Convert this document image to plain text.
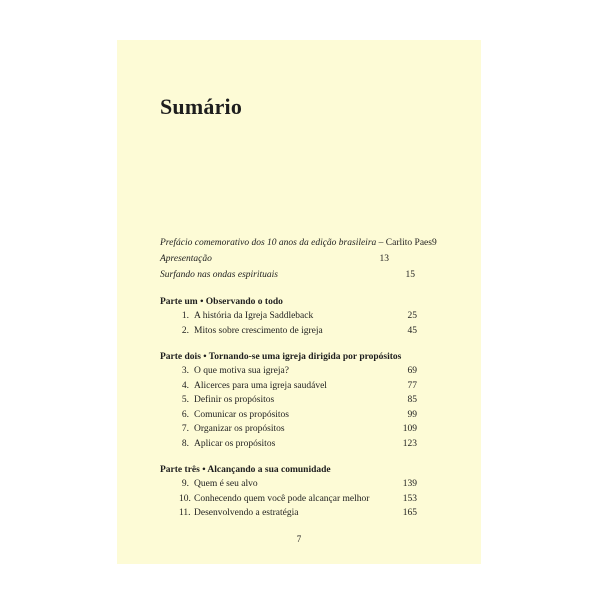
Sumário
Prefácio comemorativo dos 10 anos da edição brasileira – Carlito Paes 9
Apresentação	13
Surfando nas ondas espirituais	15
Parte um • Observando o todo
1. A história da Igreja Saddleback	25
2. Mitos sobre crescimento de igreja	45
Parte dois • Tornando-se uma igreja dirigida por propósitos
3. O que motiva sua igreja?	69
4. Alicerces para uma igreja saudável	77
5. Definir os propósitos	85
6. Comunicar os propósitos	99
7. Organizar os propósitos	109
8. Aplicar os propósitos	123
Parte três • Alcançando a sua comunidade
9. Quem é seu alvo	139
10. Conhecendo quem você pode alcançar melhor	153
11. Desenvolvendo a estratégia	165
7
